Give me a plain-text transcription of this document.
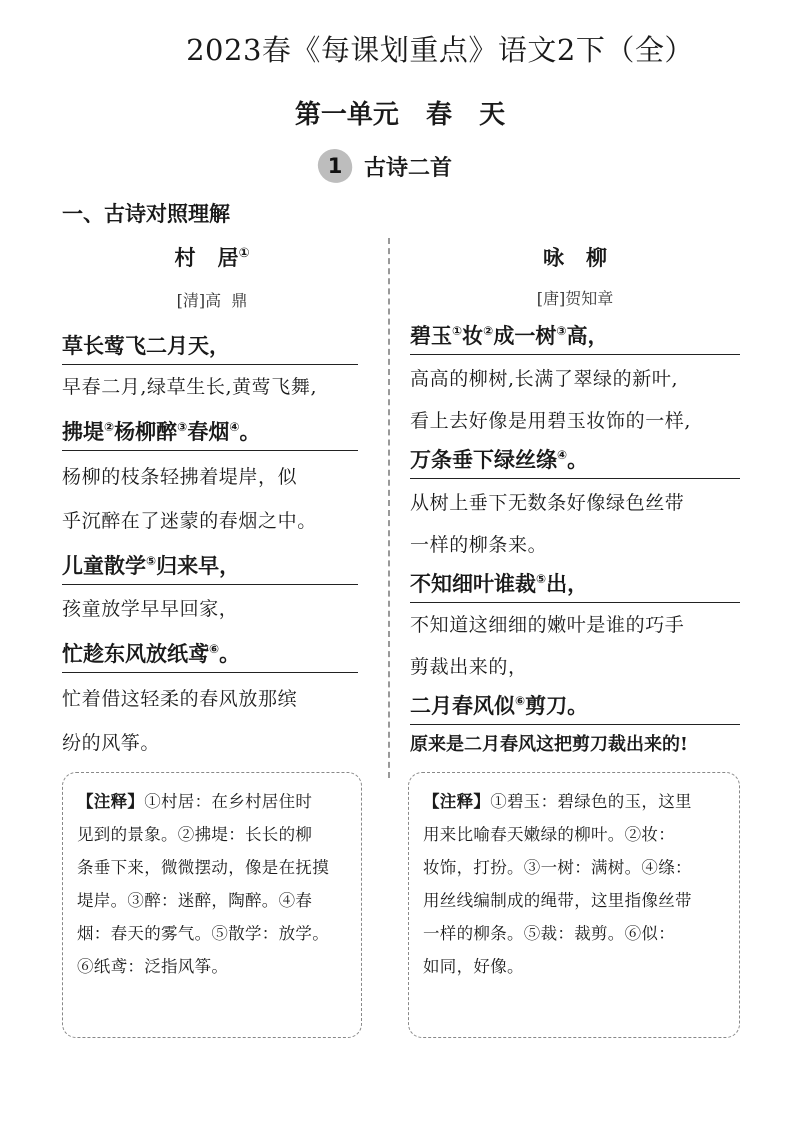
2023春《每课划重点》语文2下（全）
第一单元   春   天
1 古诗二首
一、古诗对照理解
村   居①
[清]高  鼎
草长莺飞二月天，
早春二月,绿草生长,黄莺飞舞,
拂堤②杨柳醉③春烟④。
杨柳的枝条轻拂着堤岸，似
乎沉醉在了迷蒙的春烟之中。
儿童散学⑤归来早，
孩童放学早早回家，
忙趁东风放纸鸢⑥。
忙着借这轻柔的春风放那缤
纷的风筝。
【注释】①村居：在乡村居住时
见到的景象。②拂堤：长长的柳
条垂下来，微微摆动，像是在抚摸
堤岸。③醉：迷醉，陶醉。④春
烟：春天的雾气。⑤散学：放学。
⑥纸鸢：泛指风筝。
咏   柳
[唐]贺知章
碧玉①妆②成一树③高，
高高的柳树,长满了翠绿的新叶,
看上去好像是用碧玉妆饰的一样,
万条垂下绿丝绦④。
从树上垂下无数条好像绿色丝带
一样的柳条来。
不知细叶谁裁⑤出，
不知道这细细的嫩叶是谁的巧手
剪裁出来的，
二月春风似⑥剪刀。
原来是二月春风这把剪刀裁出来的!
【注释】①碧玉：碧绿色的玉，这里
用来比喻春天嫩绿的柳叶。②妆：
妆饰，打扮。③一树：满树。④绦：
用丝线编制成的绳带，这里指像丝带
一样的柳条。⑤裁：裁剪。⑥似：
如同，好像。
